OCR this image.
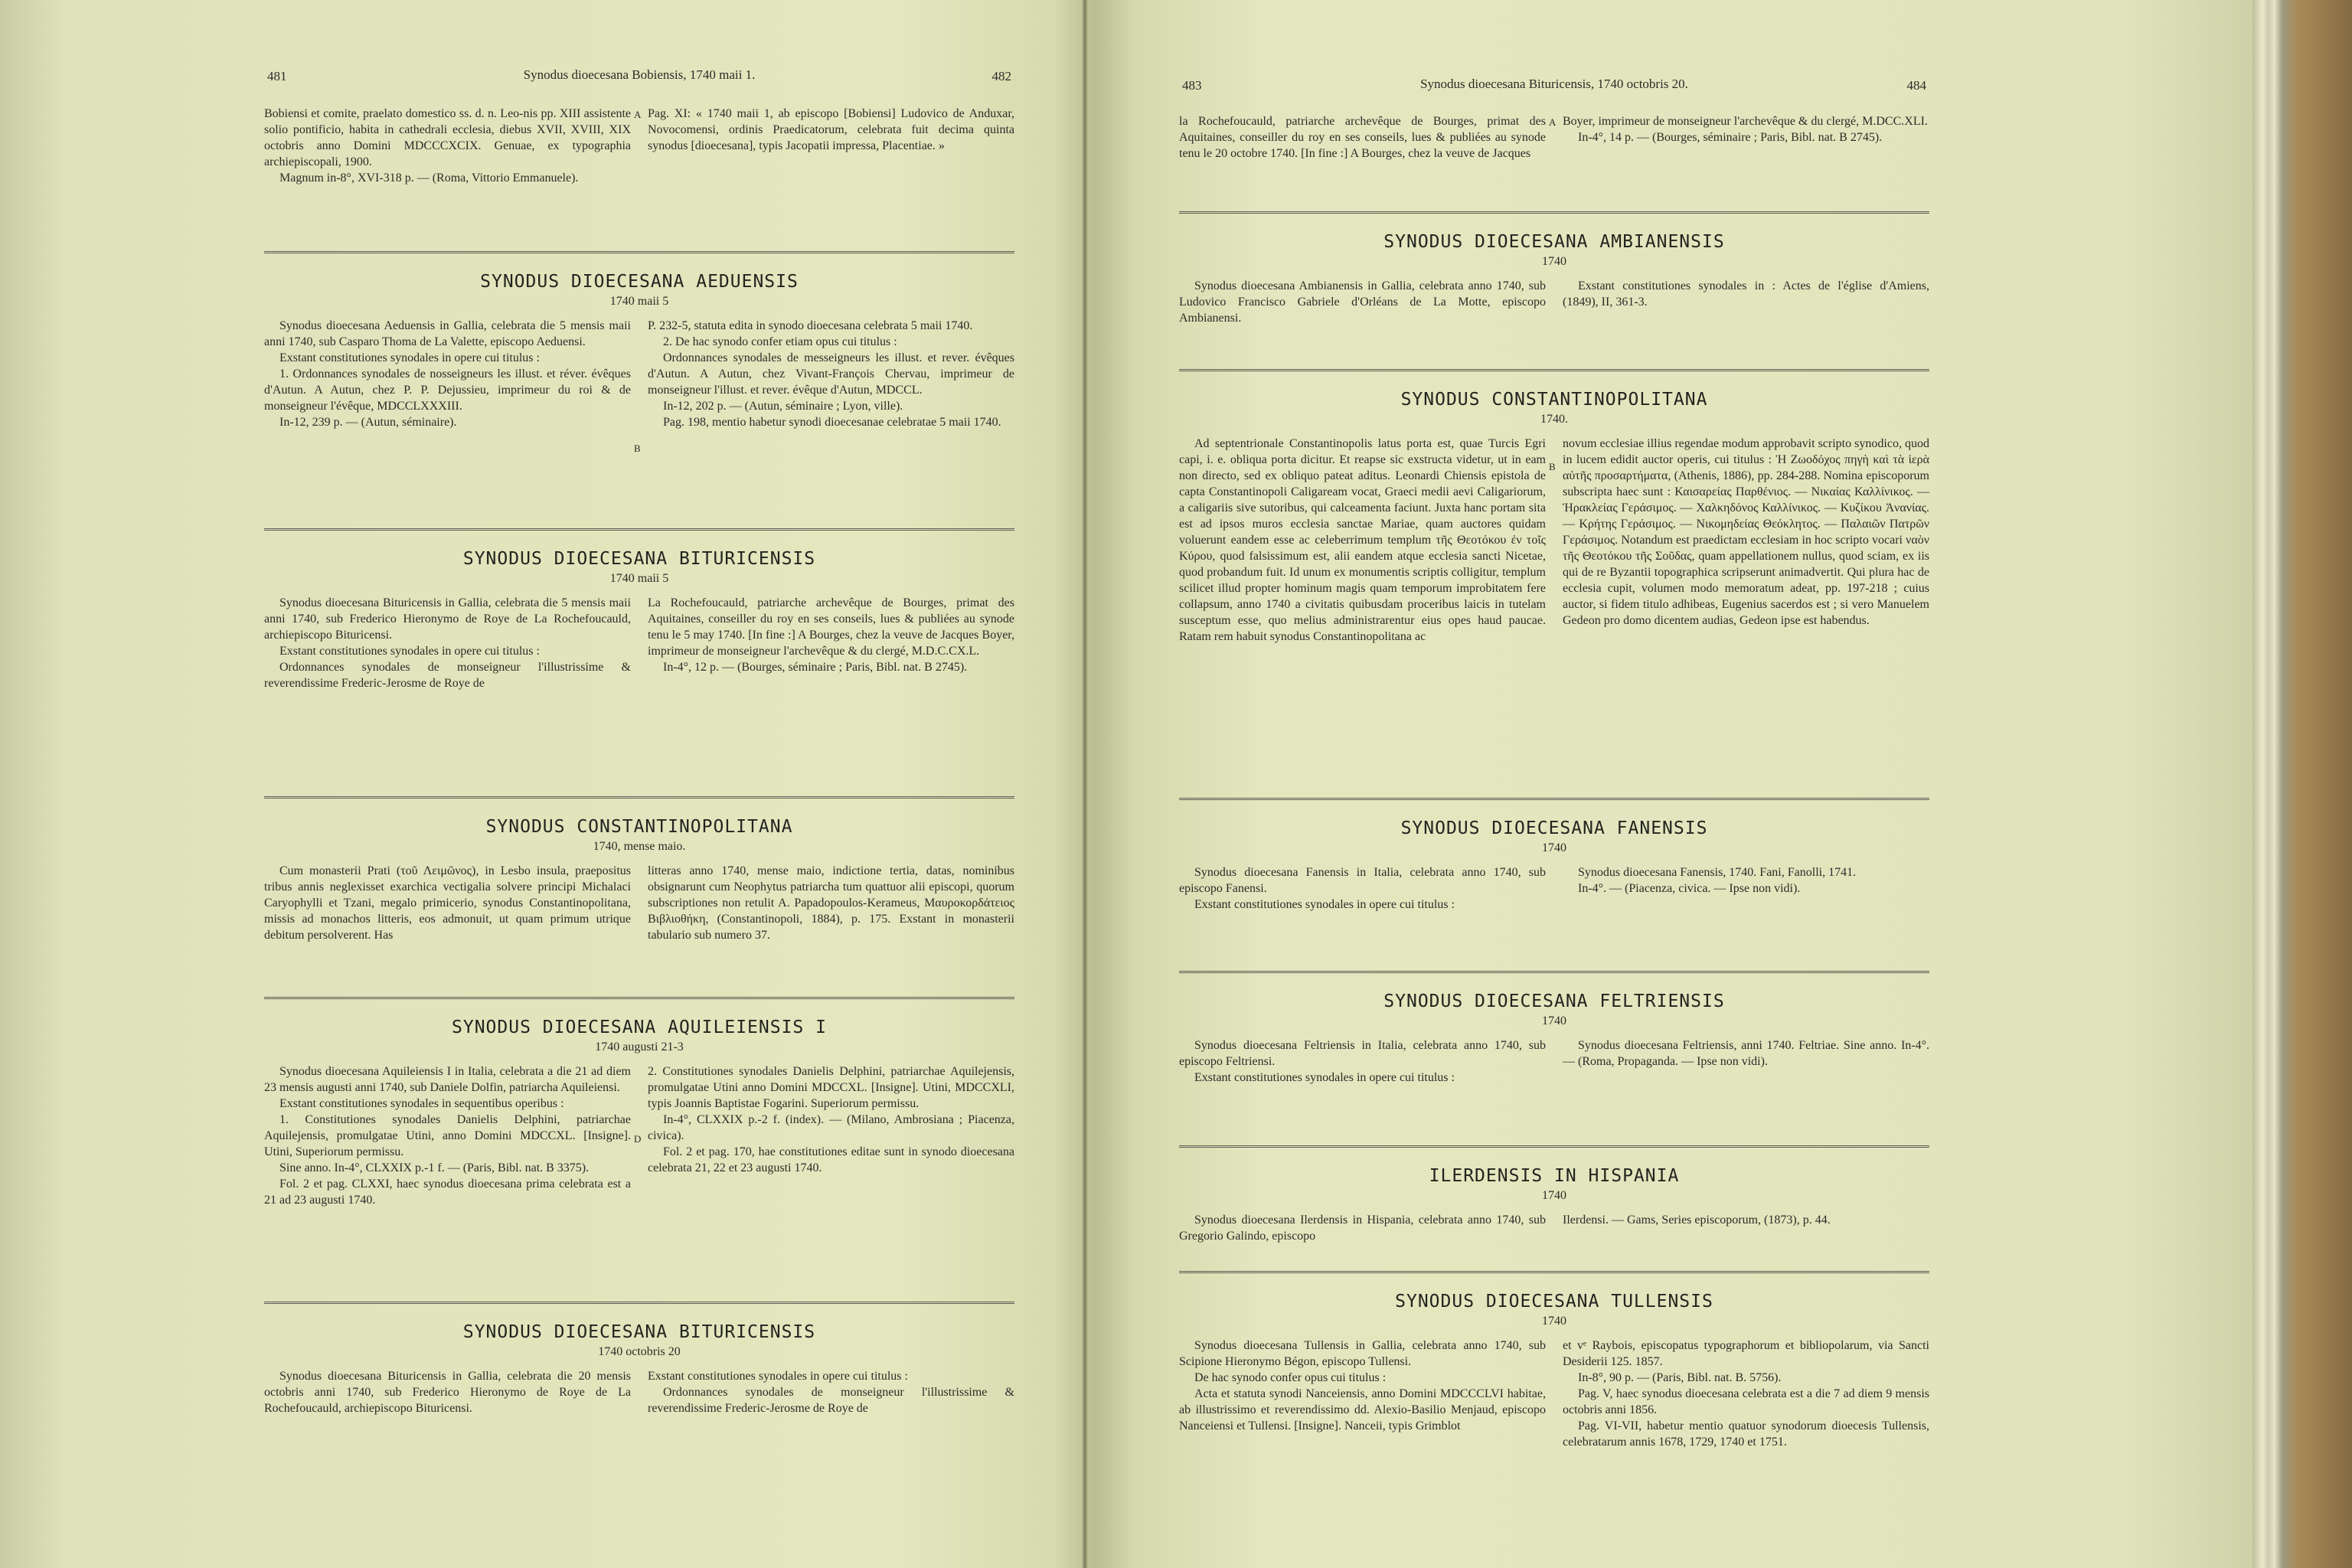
481	Synodus dioecesana Bobiensis, 1740 maii 1.	482

Bobiensi et comite, praelato domestico ss. d. n. Leo-nis pp. XIII assistente solio pontificio, habita in cathedrali ecclesia, diebus XVII, XVIII, XIX octobris anno Domini MDCCCXCIX. Genuae, ex typographia archiepiscopali, 1900.

Magnum in-8°, XVI-318 p. — (Roma, Vittorio Emmanuele).

Pag. XI: « 1740 maii 1, ab episcopo [Bobiensi] Ludovico de Anduxar, Novocomensi, ordinis Praedicatorum, celebrata fuit decima quinta synodus [dioecesana], typis Jacopatii impressa, Placentiae. »

A
SYNODUS DIOECESANA AEDUENSIS
1740 maii 5

Synodus dioecesana Aeduensis in Gallia, celebrata die 5 mensis maii anni 1740, sub Casparo Thoma de La Valette, episcopo Aeduensi.

Exstant constitutiones synodales in opere cui titulus :

1. Ordonnances synodales de nosseigneurs les illust. et réver. évêques d'Autun. A Autun, chez P. P. Dejussieu, imprimeur du roi & de monseigneur l'évêque, MDCCLXXXIII.

In-12, 239 p. — (Autun, séminaire).

P. 232-5, statuta edita in synodo dioecesana celebrata 5 maii 1740.

2. De hac synodo confer etiam opus cui titulus :

Ordonnances synodales de messeigneurs les illust. et rever. évêques d'Autun. A Autun, chez Vivant-François Chervau, imprimeur de monseigneur l'illust. et rever. évêque d'Autun, MDCCL.

In-12, 202 p. — (Autun, séminaire ; Lyon, ville).

Pag. 198, mentio habetur synodi dioecesanae celebratae 5 maii 1740.

B
SYNODUS DIOECESANA BITURICENSIS
1740 maii 5

Synodus dioecesana Bituricensis in Gallia, celebrata die 5 mensis maii anni 1740, sub Frederico Hieronymo de Roye de La Rochefoucauld, archiepiscopo Bituricensi.

Exstant constitutiones synodales in opere cui titulus :

Ordonnances synodales de monseigneur l'illustrissime & reverendissime Frederic-Jerosme de Roye de

La Rochefoucauld, patriarche archevêque de Bourges, primat des Aquitaines, conseiller du roy en ses conseils, lues & publiées au synode tenu le 5 may 1740. [In fine :] A Bourges, chez la veuve de Jacques Boyer, imprimeur de monseigneur l'archevêque & du clergé, M.D.C.CX.L.

In-4°, 12 p. — (Bourges, séminaire ; Paris, Bibl. nat. B 2745).

SYNODUS CONSTANTINOPOLITANA
1740, mense maio.

Cum monasterii Prati (τοῦ Λειμῶνος), in Lesbo insula, praepositus tribus annis neglexisset exarchica vectigalia solvere principi Michalaci Caryophylli et Tzani, megalo primicerio, synodus Constantinopolitana, missis ad monachos litteris, eos admonuit, ut quam primum utrique debitum persolverent. Has

litteras anno 1740, mense maio, indictione tertia, datas, nominibus obsignarunt cum Neophytus patriarcha tum quattuor alii episcopi, quorum subscriptiones non retulit A. Papadopoulos-Kerameus, Μαυροκορδάτειος Βιβλιοθήκη, (Constantinopoli, 1884), p. 175. Exstant in monasterii tabulario sub numero 37.

SYNODUS DIOECESANA AQUILEIENSIS I
1740 augusti 21-3

Synodus dioecesana Aquileiensis I in Italia, celebrata a die 21 ad diem 23 mensis augusti anni 1740, sub Daniele Dolfin, patriarcha Aquileiensi.

Exstant constitutiones synodales in sequentibus operibus :

1. Constitutiones synodales Danielis Delphini, patriarchae Aquilejensis, promulgatae Utini, anno Domini MDCCXL. [Insigne]. Utini, Superiorum permissu.

Sine anno. In-4°, CLXXIX p.-1 f. — (Paris, Bibl. nat. B 3375).

Fol. 2 et pag. CLXXI, haec synodus dioecesana prima celebrata est a 21 ad 23 augusti 1740.

2. Constitutiones synodales Danielis Delphini, patriarchae Aquilejensis, promulgatae Utini anno Domini MDCCXL. [Insigne]. Utini, MDCCXLI, typis Joannis Baptistae Fogarini. Superiorum permissu.

In-4°, CLXXIX p.-2 f. (index). — (Milano, Ambrosiana ; Piacenza, civica).

Fol. 2 et pag. 170, hae constitutiones editae sunt in synodo dioecesana celebrata 21, 22 et 23 augusti 1740.

D
SYNODUS DIOECESANA BITURICENSIS
1740 octobris 20

Synodus dioecesana Bituricensis in Gallia, celebrata die 20 mensis octobris anni 1740, sub Frederico Hieronymo de Roye de La Rochefoucauld, archiepiscopo Bituricensi.

Exstant constitutiones synodales in opere cui titulus :

Ordonnances synodales de monseigneur l'illustrissime & reverendissime Frederic-Jerosme de Roye de

483	Synodus dioecesana Bituricensis, 1740 octobris 20.	484

la Rochefoucauld, patriarche archevêque de Bourges, primat des Aquitaines, conseiller du roy en ses conseils, lues & publiées au synode tenu le 20 octobre 1740. [In fine :] A Bourges, chez la veuve de Jacques

Boyer, imprimeur de monseigneur l'archevêque & du clergé, M.DCC.XLI.

In-4°, 14 p. — (Bourges, séminaire ; Paris, Bibl. nat. B 2745).

A
SYNODUS DIOECESANA AMBIANENSIS
1740

Synodus dioecesana Ambianensis in Gallia, celebrata anno 1740, sub Ludovico Francisco Gabriele d'Orléans de La Motte, episcopo Ambianensi.

Exstant constitutiones synodales in : Actes de l'église d'Amiens, (1849), II, 361-3.

SYNODUS CONSTANTINOPOLITANA
1740.

Ad septentrionale Constantinopolis latus porta est, quae Turcis Egri capi, i. e. obliqua porta dicitur. Et reapse sic exstructa videtur, ut in eam non directo, sed ex obliquo pateat aditus. Leonardi Chiensis epistola de capta Constantinopoli Caligaream vocat, Graeci medii aevi Caligariorum, a caligariis sive sutoribus, qui calceamenta faciunt. Juxta hanc portam sita est ad ipsos muros ecclesia sanctae Mariae, quam auctores quidam voluerunt eandem esse ac celeberrimum templum τῆς Θεοτόκου ἐν τοῖς Κύρου, quod falsissimum est, alii eandem atque ecclesia sancti Nicetae, quod probandum fuit. Id unum ex monumentis scriptis colligitur, templum scilicet illud propter hominum magis quam temporum improbitatem fere collapsum, anno 1740 a civitatis quibusdam proceribus laicis in tutelam susceptum esse, quo melius administrarentur eius opes haud paucae. Ratam rem habuit synodus Constantinopolitana ac

novum ecclesiae illius regendae modum approbavit scripto synodico, quod in lucem edidit auctor operis, cui titulus : Ἡ Ζωοδόχος πηγὴ καὶ τὰ ἱερὰ αὐτῆς προσαρτήματα, (Athenis, 1886), pp. 284-288. Nomina episcoporum subscripta haec sunt : Καισαρείας Παρθένιος. — Νικαίας Καλλίνικος. — Ἡρακλείας Γεράσιμος. — Χαλκηδόνος Καλλίνικος. — Κυζίκου Ἀνανίας. — Κρήτης Γεράσιμος. — Νικομηδείας Θεόκλητος. — Παλαιῶν Πατρῶν Γεράσιμος. Notandum est praedictam ecclesiam in hoc scripto vocari ναὸν τῆς Θεοτόκου τῆς Σοῦδας, quam appellationem nullus, quod sciam, ex iis qui de re Byzantii topographica scripserunt animadvertit. Qui plura hac de ecclesia cupit, volumen modo memoratum adeat, pp. 197-218 ; cuius auctor, si fidem titulo adhibeas, Eugenius sacerdos est ; si vero Manuelem Gedeon pro domo dicentem audias, Gedeon ipse est habendus.

B
SYNODUS DIOECESANA FANENSIS
1740

Synodus dioecesana Fanensis in Italia, celebrata anno 1740, sub episcopo Fanensi.

Exstant constitutiones synodales in opere cui titulus :

Synodus dioecesana Fanensis, 1740. Fani, Fanolli, 1741.

In-4°. — (Piacenza, civica. — Ipse non vidi).

SYNODUS DIOECESANA FELTRIENSIS
1740

Synodus dioecesana Feltriensis in Italia, celebrata anno 1740, sub episcopo Feltriensi.

Exstant constitutiones synodales in opere cui titulus :

Synodus dioecesana Feltriensis, anni 1740. Feltriae. Sine anno. In-4°. — (Roma, Propaganda. — Ipse non vidi).

ILERDENSIS IN HISPANIA
1740

Synodus dioecesana Ilerdensis in Hispania, celebrata anno 1740, sub Gregorio Galindo, episcopo

Ilerdensi. — Gams, Series episcoporum, (1873), p. 44.

SYNODUS DIOECESANA TULLENSIS
1740

Synodus dioecesana Tullensis in Gallia, celebrata anno 1740, sub Scipione Hieronymo Bégon, episcopo Tullensi.

De hac synodo confer opus cui titulus :

Acta et statuta synodi Nanceiensis, anno Domini MDCCCLVI habitae, ab illustrissimo et reverendissimo dd. Alexio-Basilio Menjaud, episcopo Nanceiensi et Tullensi. [Insigne]. Nanceii, typis Grimblot

et vᵉ Raybois, episcopatus typographorum et bibliopolarum, via Sancti Desiderii 125. 1857.

In-8°, 90 p. — (Paris, Bibl. nat. B. 5756).

Pag. V, haec synodus dioecesana celebrata est a die 7 ad diem 9 mensis octobris anni 1856.

Pag. VI-VII, habetur mentio quatuor synodorum dioecesis Tullensis, celebratarum annis 1678, 1729, 1740 et 1751.
